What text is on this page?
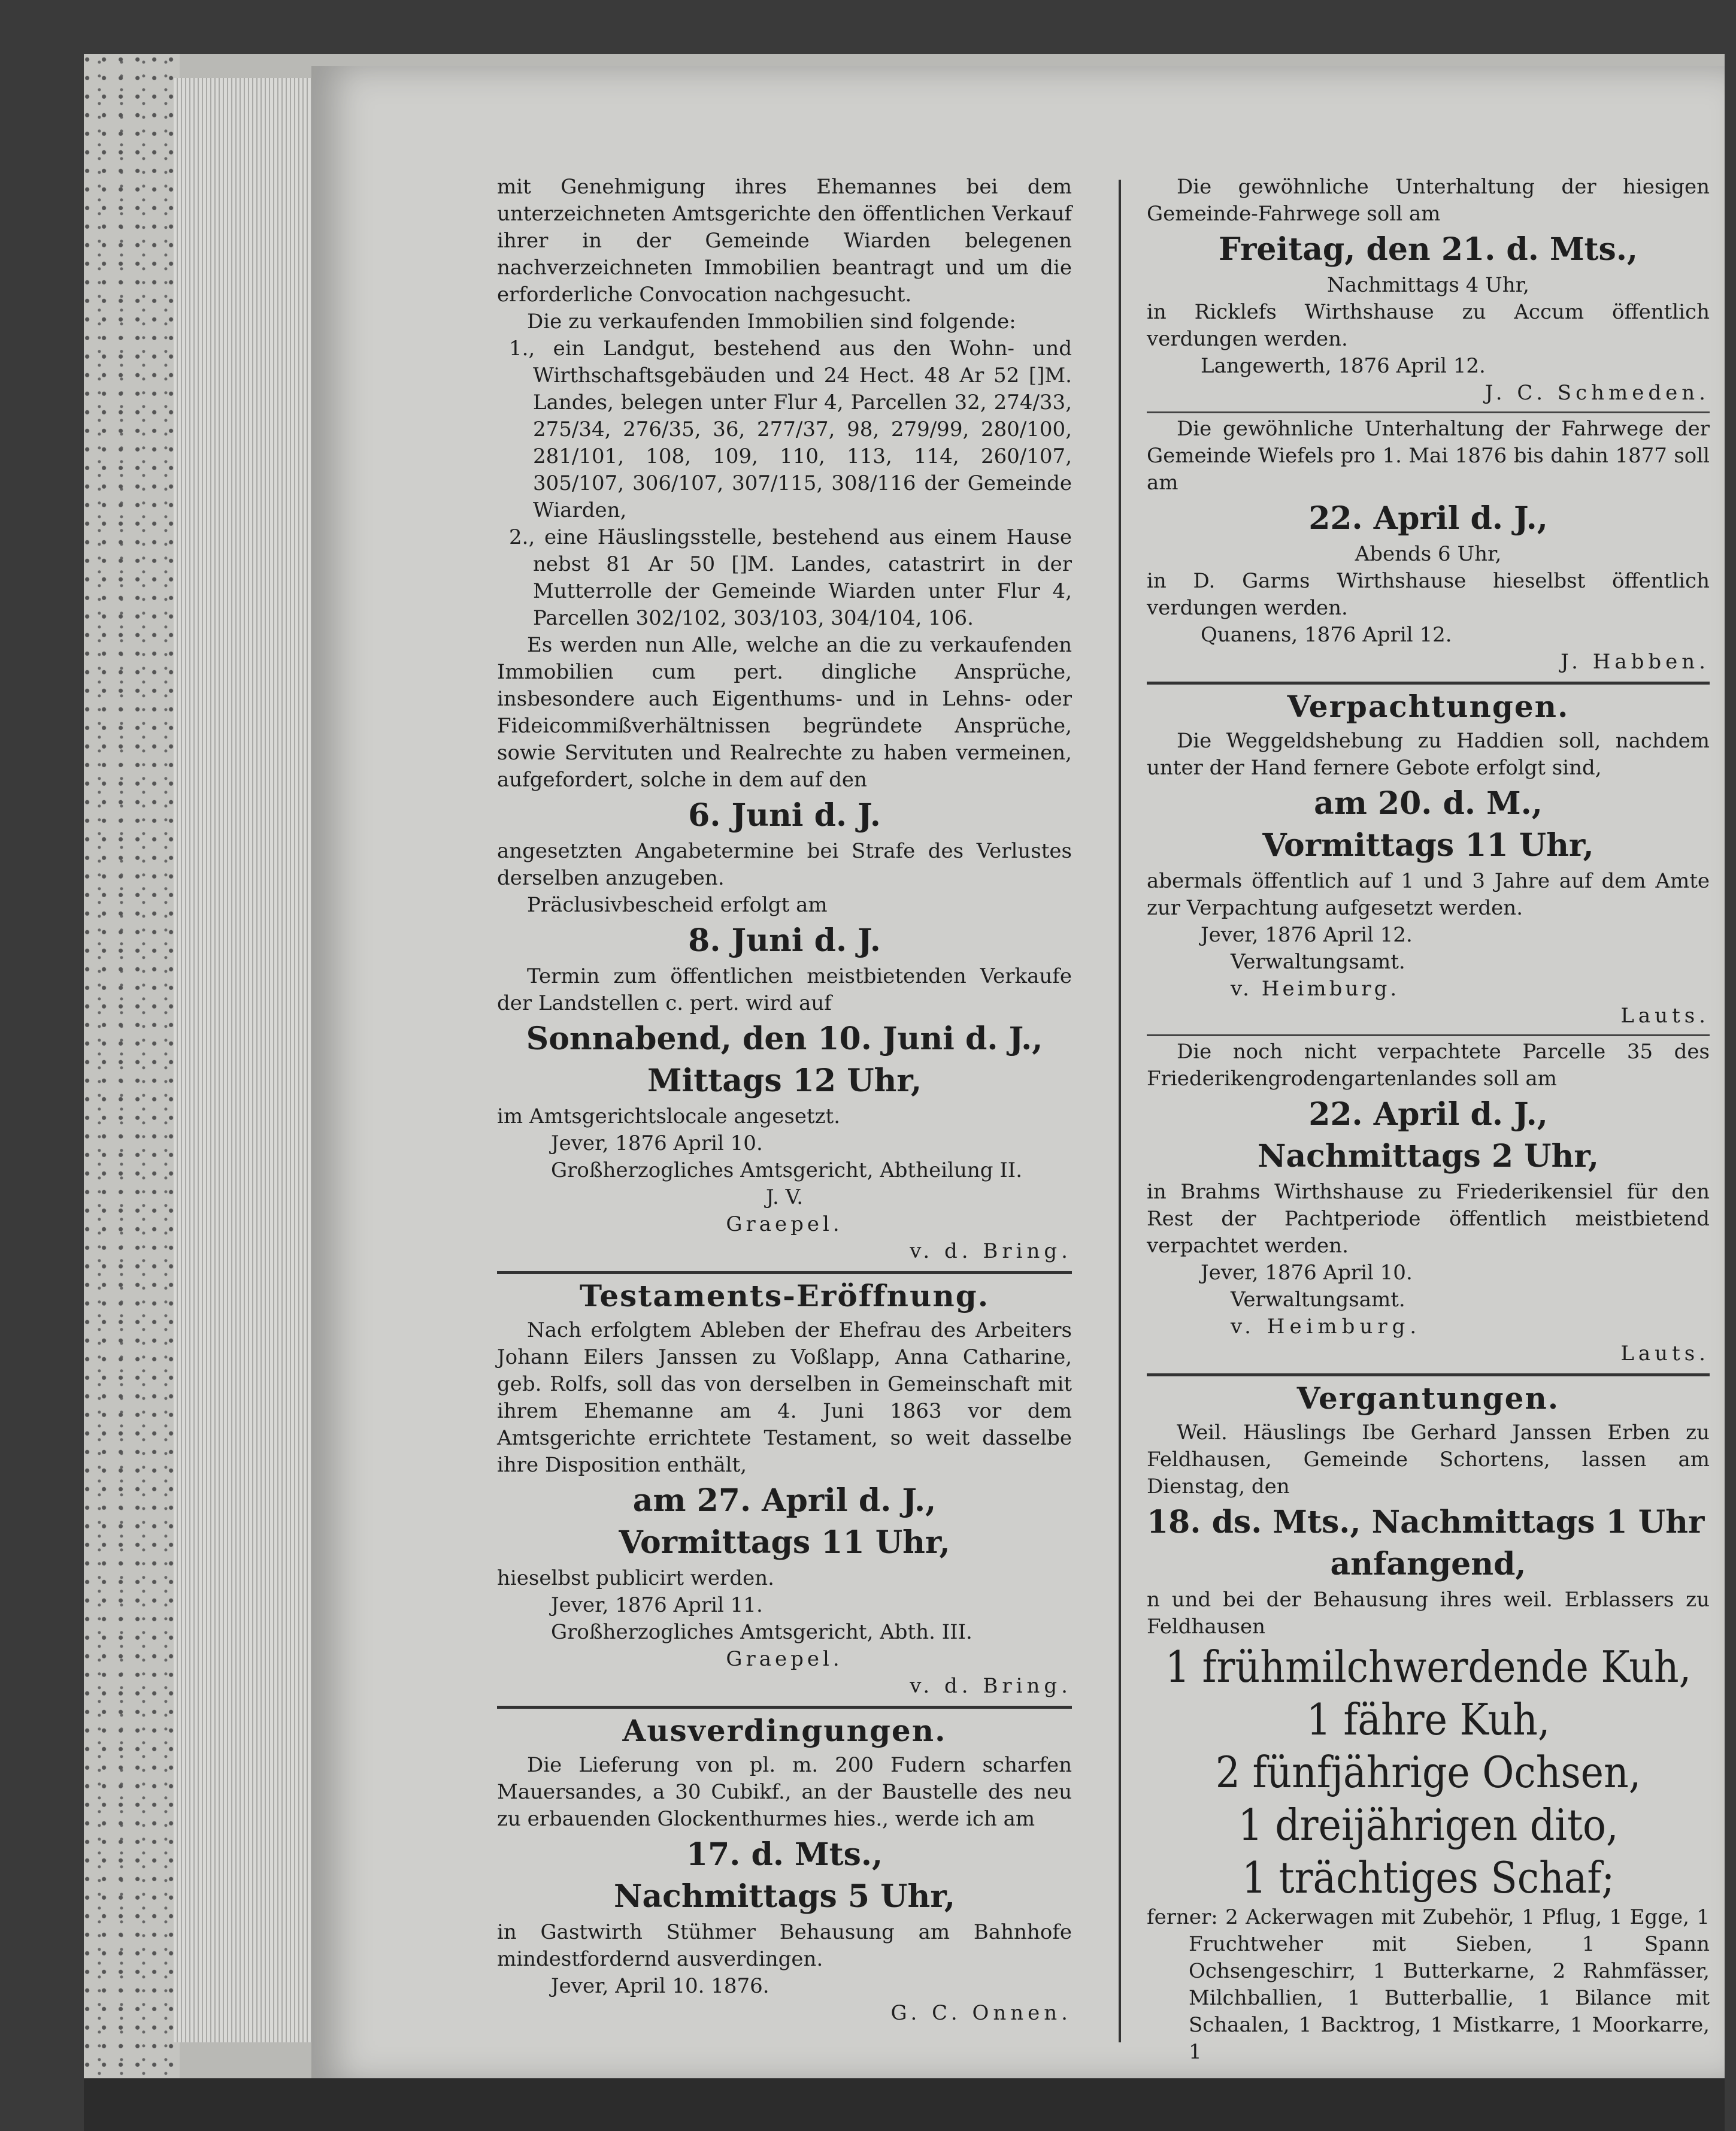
mit Genehmigung ihres Ehemannes bei dem unterzeichneten Amtsgerichte den öffentlichen Verkauf ihrer in der Gemeinde Wiarden belegenen nachverzeichneten Immobilien beantragt und um die erforderliche Convocation nachgesucht.

Die zu verkaufenden Immobilien sind folgende:

1., ein Landgut, bestehend aus den Wohn- und Wirthschaftsgebäuden und 24 Hect. 48 Ar 52 []M. Landes, belegen unter Flur 4, Parcellen 32, 274/33, 275/34, 276/35, 36, 277/37, 98, 279/99, 280/100, 281/101, 108, 109, 110, 113, 114, 260/107, 305/107, 306/107, 307/115, 308/116 der Gemeinde Wiarden,

2., eine Häuslingsstelle, bestehend aus einem Hause nebst 81 Ar 50 []M. Landes, catastrirt in der Mutterrolle der Gemeinde Wiarden unter Flur 4, Parcellen 302/102, 303/103, 304/104, 106.

Es werden nun Alle, welche an die zu verkaufenden Immobilien cum pert. dingliche Ansprüche, insbesondere auch Eigenthums- und in Lehns- oder Fideicommißverhältnissen begründete Ansprüche, sowie Servituten und Realrechte zu haben vermeinen, aufgefordert, solche in dem auf den

6. Juni d. J.

angesetzten Angabetermine bei Strafe des Verlustes derselben anzugeben.

Präclusivbescheid erfolgt am

8. Juni d. J.

Termin zum öffentlichen meistbietenden Verkaufe der Landstellen c. pert. wird auf

Sonnabend, den 10. Juni d. J.,

Mittags 12 Uhr,

im Amtsgerichtslocale angesetzt.

Jever, 1876 April 10.

Großherzogliches Amtsgericht, Abtheilung II.

J. V.

Graepel.

v. d. Bring.

Testaments-Eröffnung.

Nach erfolgtem Ableben der Ehefrau des Arbeiters Johann Eilers Janssen zu Voßlapp, Anna Catharine, geb. Rolfs, soll das von derselben in Gemeinschaft mit ihrem Ehemanne am 4. Juni 1863 vor dem Amtsgerichte errichtete Testament, so weit dasselbe ihre Disposition enthält,

am 27. April d. J.,

Vormittags 11 Uhr,

hieselbst publicirt werden.

Jever, 1876 April 11.

Großherzogliches Amtsgericht, Abth. III.

Graepel.

v. d. Bring.

Ausverdingungen.

Die Lieferung von pl. m. 200 Fudern scharfen Mauersandes, a 30 Cubikf., an der Baustelle des neu zu erbauenden Glockenthurmes hies., werde ich am

17. d. Mts.,

Nachmittags 5 Uhr,

in Gastwirth Stühmer Behausung am Bahnhofe mindestfordernd ausverdingen.

Jever, April 10. 1876.

G. C. Onnen.

Die gewöhnliche Unterhaltung der hiesigen Gemeinde-Fahrwege soll am

Freitag, den 21. d. Mts.,

Nachmittags 4 Uhr,

in Ricklefs Wirthshause zu Accum öffentlich verdungen werden.

Langewerth, 1876 April 12.

J. C. Schmeden.

Die gewöhnliche Unterhaltung der Fahrwege der Gemeinde Wiefels pro 1. Mai 1876 bis dahin 1877 soll am

22. April d. J.,

Abends 6 Uhr,

in D. Garms Wirthshause hieselbst öffentlich verdungen werden.

Quanens, 1876 April 12.

J. Habben.

Verpachtungen.

Die Weggeldshebung zu Haddien soll, nachdem unter der Hand fernere Gebote erfolgt sind,

am 20. d. M.,

Vormittags 11 Uhr,

abermals öffentlich auf 1 und 3 Jahre auf dem Amte zur Verpachtung aufgesetzt werden.

Jever, 1876 April 12.

Verwaltungsamt.

v. Heimburg.

Lauts.

Die noch nicht verpachtete Parcelle 35 des Friederikengrodengartenlandes soll am

22. April d. J.,

Nachmittags 2 Uhr,

in Brahms Wirthshause zu Friederikensiel für den Rest der Pachtperiode öffentlich meistbietend verpachtet werden.

Jever, 1876 April 10.

Verwaltungsamt.

v. Heimburg.

Lauts.

Vergantungen.

Weil. Häuslings Ibe Gerhard Janssen Erben zu Feldhausen, Gemeinde Schortens, lassen am Dienstag, den

18. ds. Mts., Nachmittags 1 Uhr

anfangend,

n und bei der Behausung ihres weil. Erblassers zu Feldhausen

1 frühmilchwerdende Kuh,

1 fähre Kuh,

2 fünfjährige Ochsen,

1 dreijährigen dito,

1 trächtiges Schaf;

ferner: 2 Ackerwagen mit Zubehör, 1 Pflug, 1 Egge, 1 Fruchtweher mit Sieben, 1 Spann Ochsengeschirr, 1 Butterkarne, 2 Rahmfässer, Milchballien, 1 Butterballie, 1 Bilance mit Schaalen, 1 Backtrog, 1 Mistkarre, 1 Moorkarre, 1
